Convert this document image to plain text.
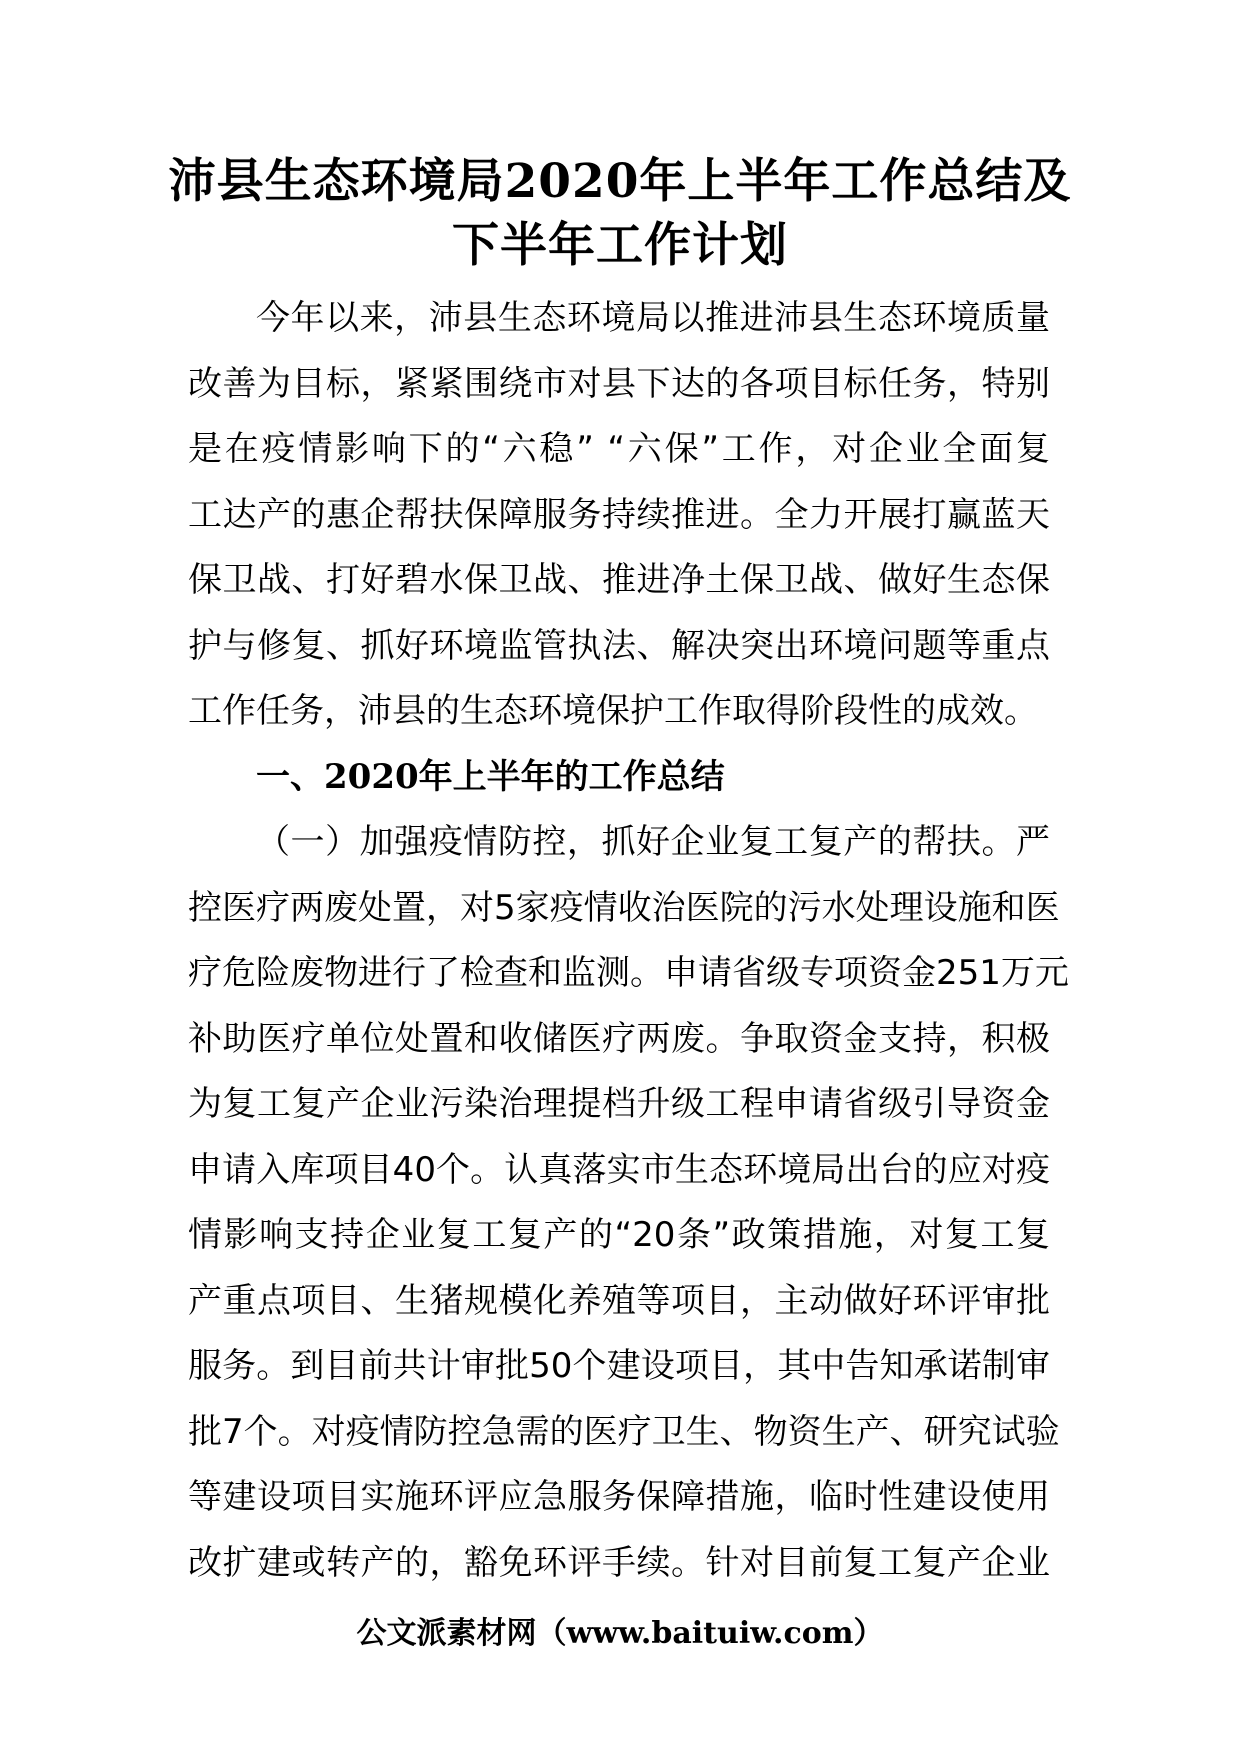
沛县生态环境局2020年上半年工作总结及
下半年工作计划
今年以来，沛县生态环境局以推进沛县生态环境质量
改善为目标，紧紧围绕市对县下达的各项目标任务，特别
是在疫情影响下的“六稳” “六保”工作，对企业全面复
工达产的惠企帮扶保障服务持续推进。全力开展打赢蓝天
保卫战、打好碧水保卫战、推进净土保卫战、做好生态保
护与修复、抓好环境监管执法、解决突出环境问题等重点
工作任务，沛县的生态环境保护工作取得阶段性的成效。
一、2020年上半年的工作总结
（一）加强疫情防控，抓好企业复工复产的帮扶。严
控医疗两废处置，对5家疫情收治医院的污水处理设施和医
疗危险废物进行了检查和监测。申请省级专项资金251万元
补助医疗单位处置和收储医疗两废。争取资金支持，积极
为复工复产企业污染治理提档升级工程申请省级引导资金
申请入库项目40个。认真落实市生态环境局出台的应对疫
情影响支持企业复工复产的“20条”政策措施，对复工复
产重点项目、生猪规模化养殖等项目，主动做好环评审批
服务。到目前共计审批50个建设项目，其中告知承诺制审
批7个。对疫情防控急需的医疗卫生、物资生产、研究试验
等建设项目实施环评应急服务保障措施，临时性建设使用
改扩建或转产的，豁免环评手续。针对目前复工复产企业
公文派素材网（www.baituiw.com）
